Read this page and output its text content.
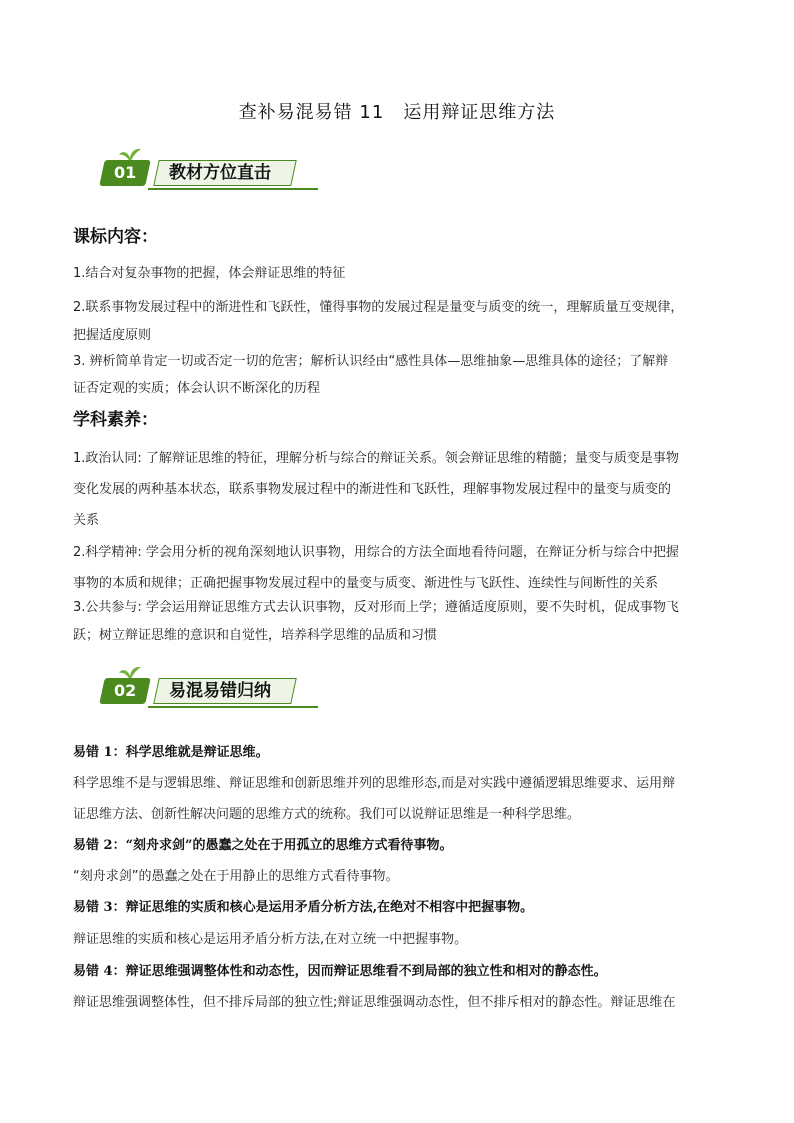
查补易混易错 11　运用辩证思维方法
01	教材方位直击
课标内容：
1.结合对复杂事物的把握，体会辩证思维的特征
2.联系事物发展过程中的渐进性和飞跃性，懂得事物的发展过程是量变与质变的统一，理解质量互变规律，
把握适度原则
3. 辨析简单肯定一切或否定一切的危害；解析认识经由“感性具体—思维抽象—思维具体的途径；了解辩
证否定观的实质；体会认识不断深化的历程
学科素养：
1.政治认同: 了解辩证思维的特征，理解分析与综合的辩证关系。领会辩证思维的精髓；量变与质变是事物
变化发展的两种基本状态，联系事物发展过程中的渐进性和飞跃性，理解事物发展过程中的量变与质变的
关系
2.科学精神: 学会用分析的视角深刻地认识事物，用综合的方法全面地看待问题，在辩证分析与综合中把握
事物的本质和规律；正确把握事物发展过程中的量变与质变、渐进性与飞跃性、连续性与间断性的关系
3.公共参与: 学会运用辩证思维方式去认识事物，反对形而上学；遵循适度原则，要不失时机，促成事物飞
跃；树立辩证思维的意识和自觉性，培养科学思维的品质和习惯
02	易混易错归纳
易错 1：科学思维就是辩证思维。
科学思维不是与逻辑思维、辩证思维和创新思维并列的思维形态,而是对实践中遵循逻辑思维要求、运用辩
证思维方法、创新性解决问题的思维方式的统称。我们可以说辩证思维是一种科学思维。
易错 2：“刻舟求剑”的愚蠢之处在于用孤立的思维方式看待事物。
“刻舟求剑”的愚蠢之处在于用静止的思维方式看待事物。
易错 3：辩证思维的实质和核心是运用矛盾分析方法,在绝对不相容中把握事物。
辩证思维的实质和核心是运用矛盾分析方法,在对立统一中把握事物。
易错 4：辩证思维强调整体性和动态性，因而辩证思维看不到局部的独立性和相对的静态性。
辩证思维强调整体性，但不排斥局部的独立性;辩证思维强调动态性，但不排斥相对的静态性。辩证思维在
